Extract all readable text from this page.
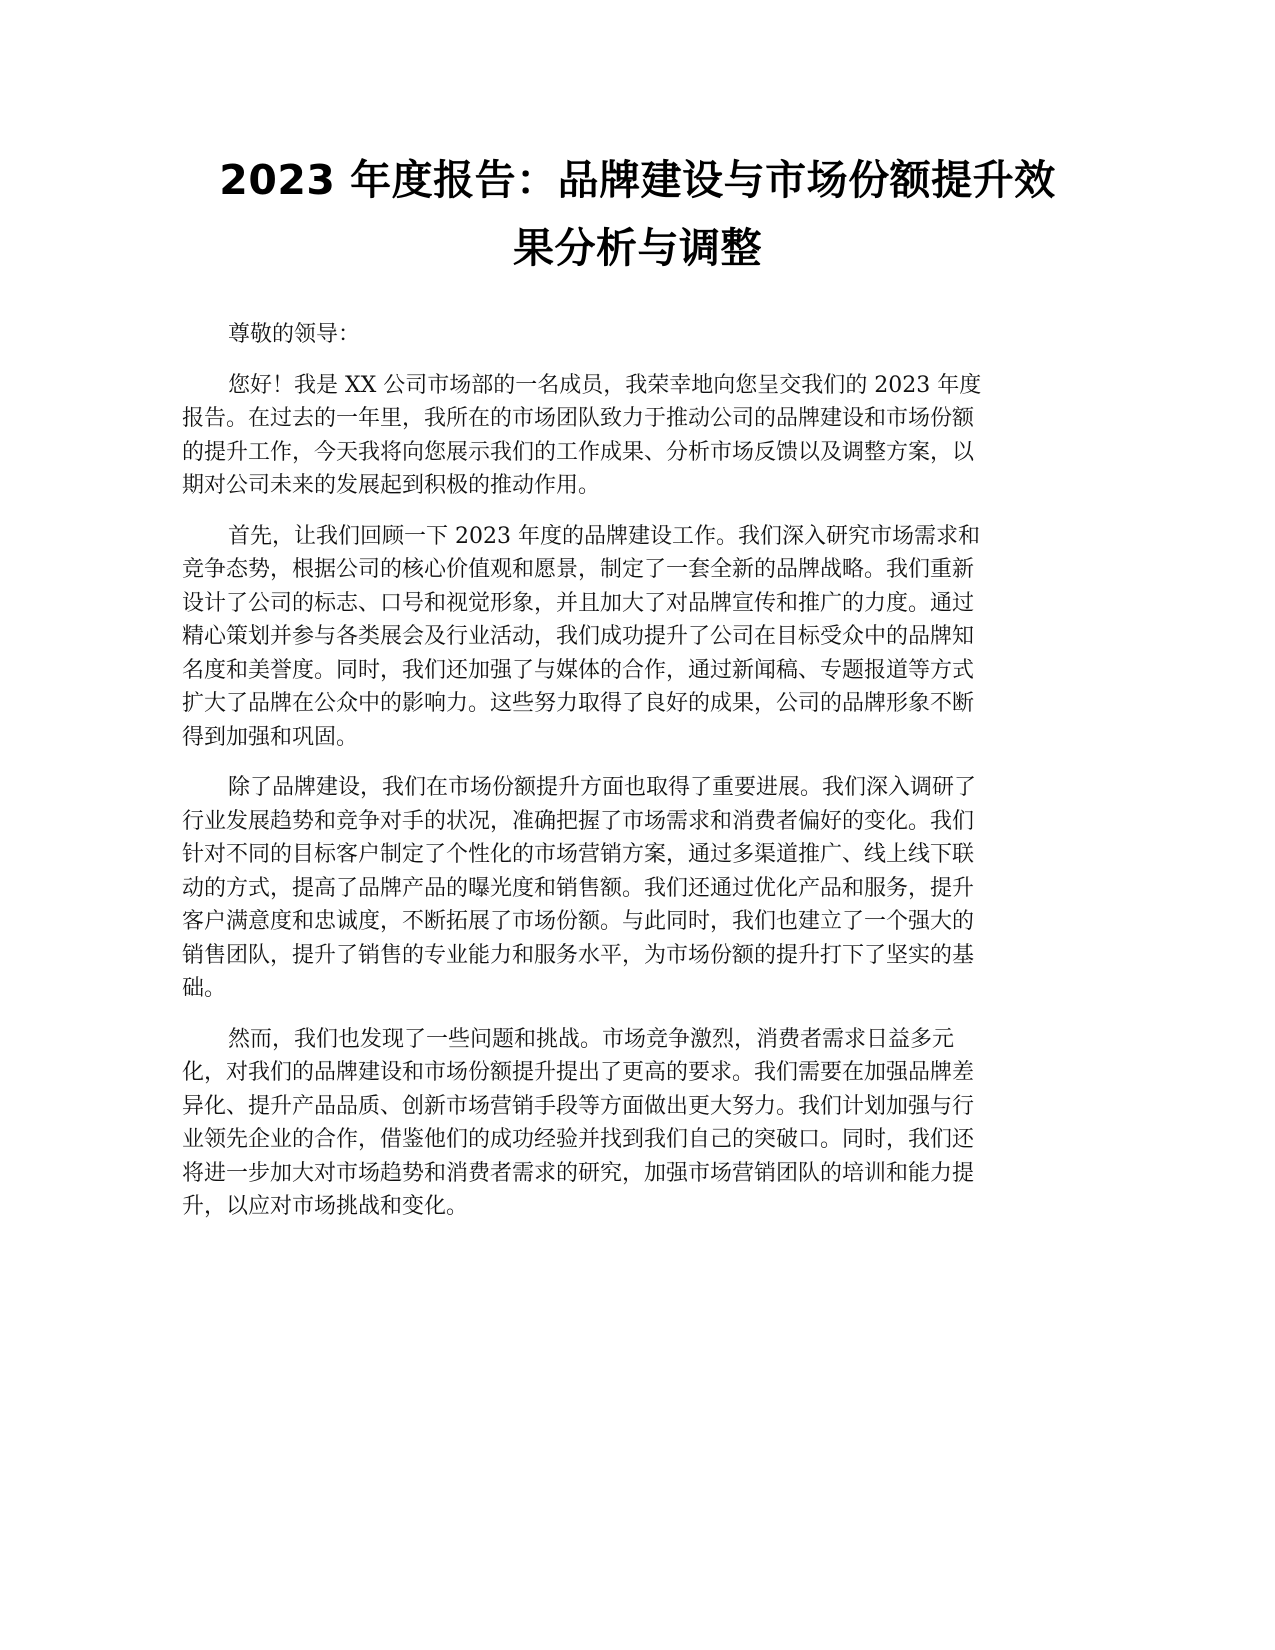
2023 年度报告：品牌建设与市场份额提升效
果分析与调整
尊敬的领导：

您好！我是 XX 公司市场部的一名成员，我荣幸地向您呈交我们的 2023 年度
报告。在过去的一年里，我所在的市场团队致力于推动公司的品牌建设和市场份额
的提升工作，今天我将向您展示我们的工作成果、分析市场反馈以及调整方案，以
期对公司未来的发展起到积极的推动作用。

首先，让我们回顾一下 2023 年度的品牌建设工作。我们深入研究市场需求和
竞争态势，根据公司的核心价值观和愿景，制定了一套全新的品牌战略。我们重新
设计了公司的标志、口号和视觉形象，并且加大了对品牌宣传和推广的力度。通过
精心策划并参与各类展会及行业活动，我们成功提升了公司在目标受众中的品牌知
名度和美誉度。同时，我们还加强了与媒体的合作，通过新闻稿、专题报道等方式
扩大了品牌在公众中的影响力。这些努力取得了良好的成果，公司的品牌形象不断
得到加强和巩固。

除了品牌建设，我们在市场份额提升方面也取得了重要进展。我们深入调研了
行业发展趋势和竞争对手的状况，准确把握了市场需求和消费者偏好的变化。我们
针对不同的目标客户制定了个性化的市场营销方案，通过多渠道推广、线上线下联
动的方式，提高了品牌产品的曝光度和销售额。我们还通过优化产品和服务，提升
客户满意度和忠诚度，不断拓展了市场份额。与此同时，我们也建立了一个强大的
销售团队，提升了销售的专业能力和服务水平，为市场份额的提升打下了坚实的基
础。

然而，我们也发现了一些问题和挑战。市场竞争激烈，消费者需求日益多元
化，对我们的品牌建设和市场份额提升提出了更高的要求。我们需要在加强品牌差
异化、提升产品品质、创新市场营销手段等方面做出更大努力。我们计划加强与行
业领先企业的合作，借鉴他们的成功经验并找到我们自己的突破口。同时，我们还
将进一步加大对市场趋势和消费者需求的研究，加强市场营销团队的培训和能力提
升，以应对市场挑战和变化。
